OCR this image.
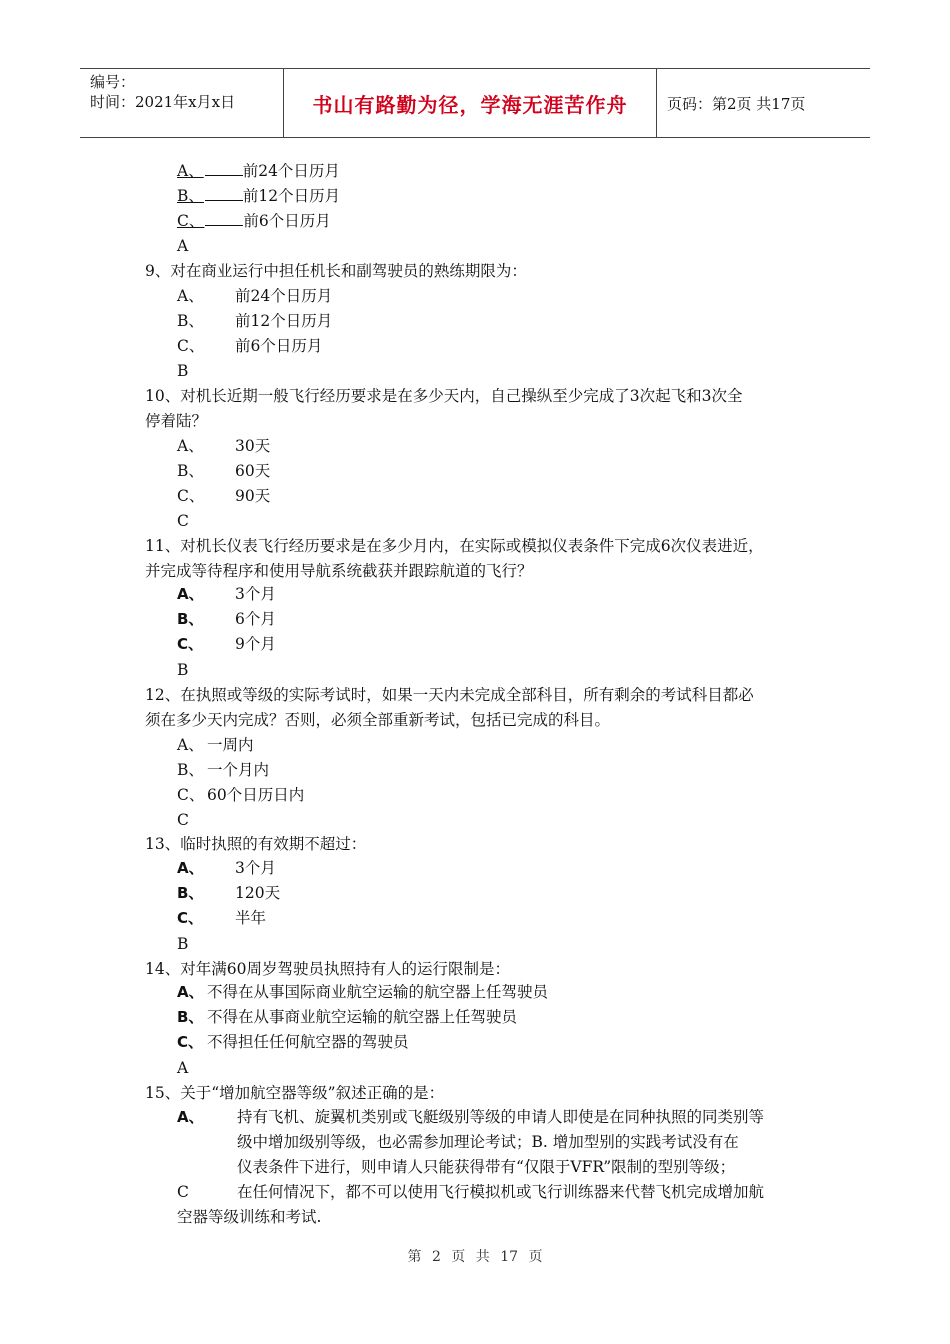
编号：
时间：2021年x月x日	书山有路勤为径，学海无涯苦作舟	页码：第2页 共17页
A、	前24个日历月
B、	前12个日历月
C、	前6个日历月
A
9、对在商业运行中担任机长和副驾驶员的熟练期限为：
A、 前24个日历月
B、 前12个日历月
C、 前6个日历月
B
10、对机长近期一般飞行经历要求是在多少天内，自己操纵至少完成了3次起飞和3次全
停着陆？
A、 30天
B、 60天
C、 90天
C
11、对机长仪表飞行经历要求是在多少月内，在实际或模拟仪表条件下完成6次仪表进近，
并完成等待程序和使用导航系统截获并跟踪航道的飞行？
A、 3个月
B、 6个月
C、 9个月
B
12、在执照或等级的实际考试时，如果一天内未完成全部科目，所有剩余的考试科目都必
须在多少天内完成？否则，必须全部重新考试，包括已完成的科目。
A、 一周内
B、 一个月内
C、 60个日历日内
C
13、临时执照的有效期不超过：
A、 3个月
B、 120天
C、 半年
B
14、对年满60周岁驾驶员执照持有人的运行限制是：
A、 不得在从事国际商业航空运输的航空器上任驾驶员
B、 不得在从事商业航空运输的航空器上任驾驶员
C、 不得担任任何航空器的驾驶员
A
15、关于“增加航空器等级”叙述正确的是：
A、	持有飞机、旋翼机类别或飞艇级别等级的申请人即使是在同种执照的同类别等
级中增加级别等级，也必需参加理论考试；B. 增加型别的实践考试没有在
仪表条件下进行，则申请人只能获得带有“仅限于VFR”限制的型别等级；
C	在任何情况下，都不可以使用飞行模拟机或飞行训练器来代替飞机完成增加航
空器等级训练和考试.
第 2 页 共 17 页
